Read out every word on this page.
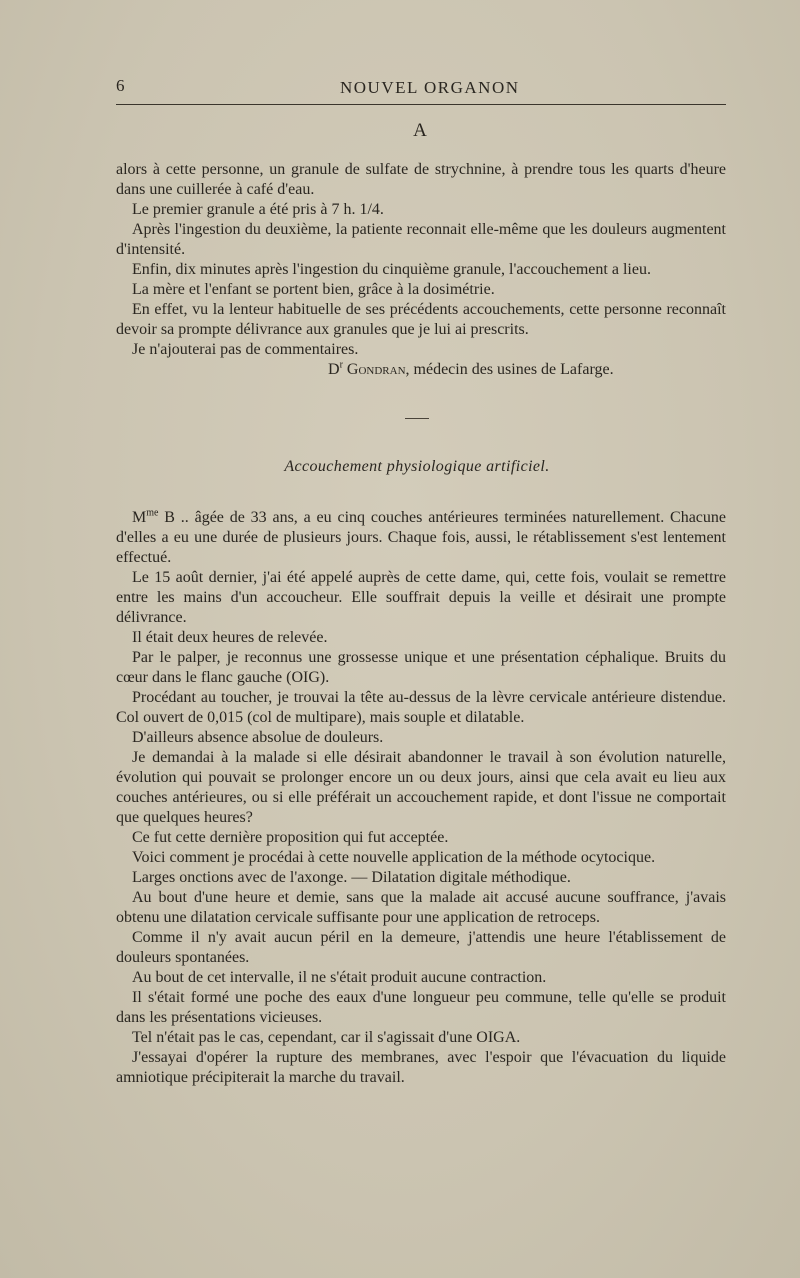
6	NOUVEL ORGANON
A

alors à cette personne, un granule de sulfate de strychnine, à prendre tous les quarts d'heure dans une cuillerée à café d'eau.

Le premier granule a été pris à 7 h. 1/4.

Après l'ingestion du deuxième, la patiente reconnait elle-même que les douleurs augmentent d'intensité.

Enfin, dix minutes après l'ingestion du cinquième granule, l'accouchement a lieu.

La mère et l'enfant se portent bien, grâce à la dosimétrie.

En effet, vu la lenteur habituelle de ses précédents accouchements, cette personne reconnaît devoir sa prompte délivrance aux granules que je lui ai prescrits.

Je n'ajouterai pas de commentaires.

$D^r$ Gondran, médecin des usines de Lafarge.

Accouchement physiologique artificiel.

$M^{me}$ B .. âgée de 33 ans, a eu cinq couches antérieures terminées naturellement. Chacune d'elles a eu une durée de plusieurs jours. Chaque fois, aussi, le rétablissement s'est lentement effectué.

Le 15 août dernier, j'ai été appelé auprès de cette dame, qui, cette fois, voulait se remettre entre les mains d'un accoucheur. Elle souffrait depuis la veille et désirait une prompte délivrance.

Il était deux heures de relevée.

Par le palper, je reconnus une grossesse unique et une présentation céphalique. Bruits du cœur dans le flanc gauche (OIG).

Procédant au toucher, je trouvai la tête au-dessus de la lèvre cervicale antérieure distendue. Col ouvert de 0,015 (col de multipare), mais souple et dilatable.

D'ailleurs absence absolue de douleurs.

Je demandai à la malade si elle désirait abandonner le travail à son évolution naturelle, évolution qui pouvait se prolonger encore un ou deux jours, ainsi que cela avait eu lieu aux couches antérieures, ou si elle préférait un accouchement rapide, et dont l'issue ne comportait que quelques heures?

Ce fut cette dernière proposition qui fut acceptée.

Voici comment je procédai à cette nouvelle application de la méthode ocytocique.

Larges onctions avec de l'axonge. — Dilatation digitale méthodique.

Au bout d'une heure et demie, sans que la malade ait accusé aucune souffrance, j'avais obtenu une dilatation cervicale suffisante pour une application de retroceps.

Comme il n'y avait aucun péril en la demeure, j'attendis une heure l'établissement de douleurs spontanées.

Au bout de cet intervalle, il ne s'était produit aucune contraction.

Il s'était formé une poche des eaux d'une longueur peu commune, telle qu'elle se produit dans les présentations vicieuses.

Tel n'était pas le cas, cependant, car il s'agissait d'une OIGA.

J'essayai d'opérer la rupture des membranes, avec l'espoir que l'évacuation du liquide amniotique précipiterait la marche du travail.
